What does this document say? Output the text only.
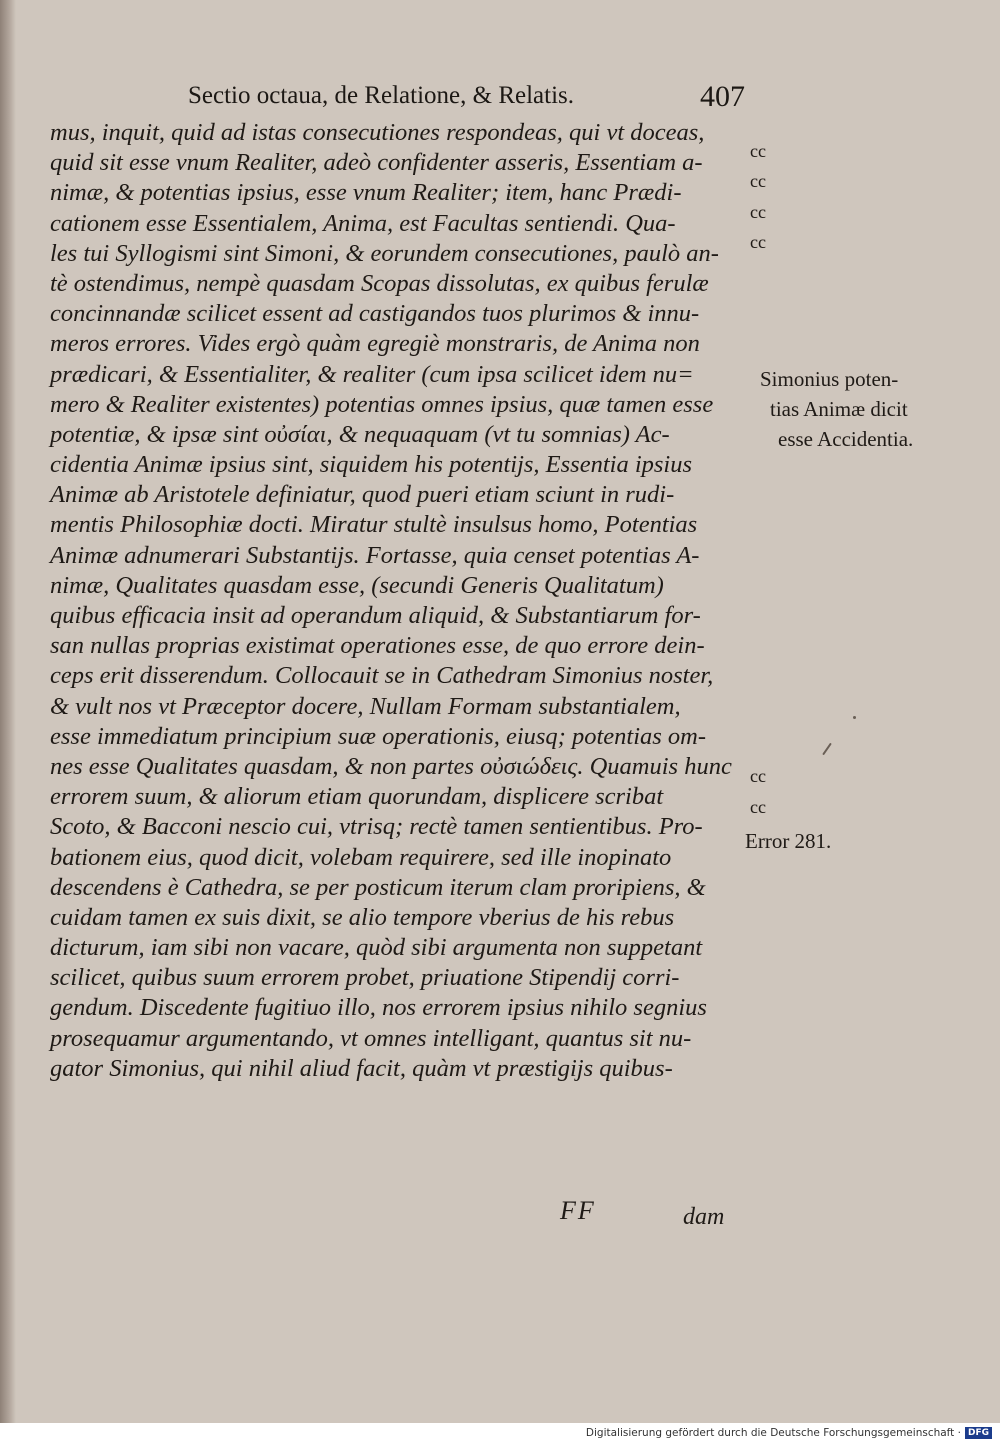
Sectio octaua, de Relatione, & Relatis.	407
mus, inquit, quid ad istas consecutiones respondeas, qui vt doceas,
quid sit esse vnum Realiter, adeò confidenter asseris, Essentiam a-
nimæ, & potentias ipsius, esse vnum Realiter; item, hanc Prædi-
cationem esse Essentialem, Anima, est Facultas sentiendi. Qua-
les tui Syllogismi sint Simoni, & eorundem consecutiones, paulò an-
tè ostendimus, nempè quasdam Scopas dissolutas, ex quibus ferulæ
concinnandæ scilicet essent ad castigandos tuos plurimos & innu-
meros errores. Vides ergò quàm egregiè monstraris, de Anima non
prædicari, & Essentialiter, & realiter (cum ipsa scilicet idem nu=
mero & Realiter existentes) potentias omnes ipsius, quæ tamen esse
potentiæ, & ipsæ sint οὐσίαι, & nequaquam (vt tu somnias) Ac-
cidentia Animæ ipsius sint, siquidem his potentijs, Essentia ipsius
Animæ ab Aristotele definiatur, quod pueri etiam sciunt in rudi-
mentis Philosophiæ docti. Miratur stultè insulsus homo, Potentias
Animæ adnumerari Substantijs. Fortasse, quia censet potentias A-
nimæ, Qualitates quasdam esse, (secundi Generis Qualitatum)
quibus efficacia insit ad operandum aliquid, & Substantiarum for-
san nullas proprias existimat operationes esse, de quo errore dein-
ceps erit disserendum. Collocauit se in Cathedram Simonius noster,
& vult nos vt Præceptor docere, Nullam Formam substantialem,
esse immediatum principium suæ operationis, eiusq; potentias om-
nes esse Qualitates quasdam, & non partes οὐσιώδεις. Quamuis hunc
errorem suum, & aliorum etiam quorundam, displicere scribat
Scoto, & Bacconi nescio cui, vtrisq; rectè tamen sentientibus. Pro-
bationem eius, quod dicit, volebam requirere, sed ille inopinato
descendens è Cathedra, se per posticum iterum clam proripiens, &
cuidam tamen ex suis dixit, se alio tempore vberius de his rebus
dicturum, iam sibi non vacare, quòd sibi argumenta non suppetant
scilicet, quibus suum errorem probet, priuatione Stipendij corri-
gendum. Discedente fugitiuo illo, nos errorem ipsius nihilo segnius
prosequamur argumentando, vt omnes intelligant, quantus sit nu-
gator Simonius, qui nihil aliud facit, quàm vt præstigijs quibus-
cc
cc
cc
cc
cc
cc
Simonius poten-
tias Animæ dicit
esse Accidentia.
Error 281.
FF	dam
Digitalisierung gefördert durch die Deutsche Forschungsgemeinschaft · DFG
